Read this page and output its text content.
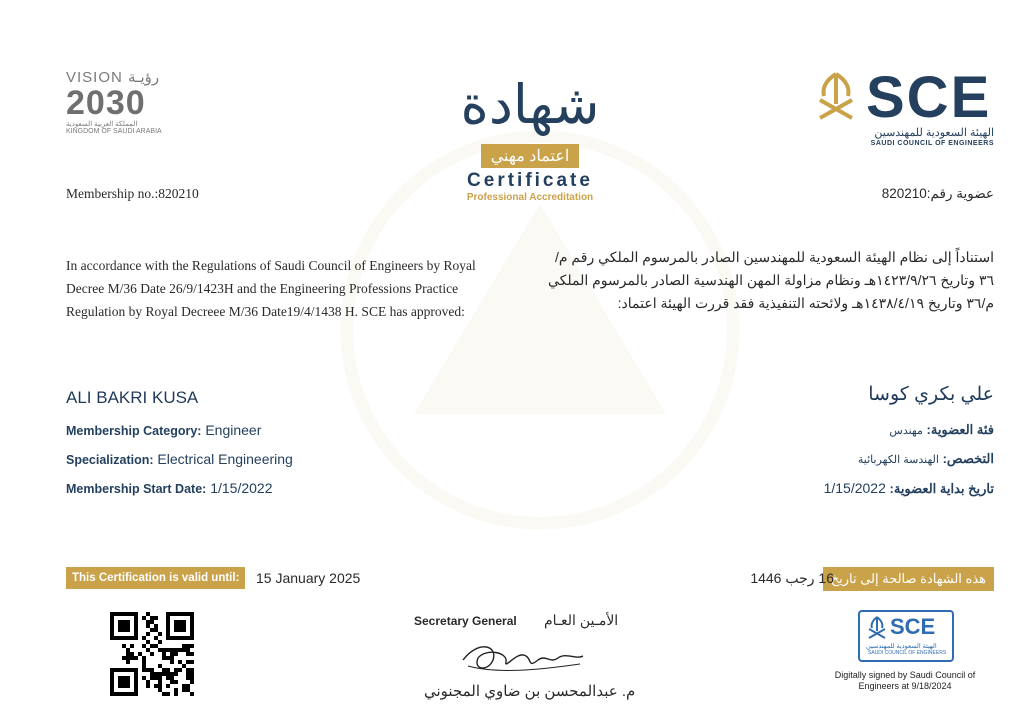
VISION رؤيـة
2030
المملكة العربية السعودية
KINGDOM OF SAUDI ARABIA	شهادة
اعتماد مهني
Certificate
Professional Accreditation
SCE
الهيئة السعودية للمهندسين
SAUDI COUNCIL OF ENGINEERS
Membership no.:820210	عضوية رقم:820210
In accordance with the Regulations of Saudi Council of Engineers by Royal Decree M/36 Date 26/9/1423H and the Engineering Professions Practice Regulation by Royal Decreee M/36 Date19/4/1438 H. SCE has approved:
استناداً إلى نظام الهيئة السعودية للمهندسين الصادر بالمرسوم الملكي رقم م/٣٦ وتاريخ ١٤٢٣/٩/٢٦هـ ونظام مزاولة المهن الهندسية الصادر بالمرسوم الملكي م/٣٦ وتاريخ ١٤٣٨/٤/١٩هـ ولائحته التنفيذية فقد قررت الهيئة اعتماد:
ALI BAKRI KUSA	علي بكري كوسا
Membership Category: Engineer
Specialization: Electrical Engineering
Membership Start Date: 1/15/2022
فئة العضوية: مهندس
التخصص: الهندسة الكهربائية
تاريخ بداية العضوية: 1/15/2022
This Certification is valid until:	15 January 2025	هذه الشهادة صالحة إلى تاريخ
16 رجب 1446
Secretary General الأمـين العـام
م. عبدالمحسن بن ضاوي المجنوني
SCE
الهيئة السعودية للمهندسين
SAUDI COUNCIL OF ENGINEERS
Digitally signed by Saudi Council of Engineers at 9/18/2024
